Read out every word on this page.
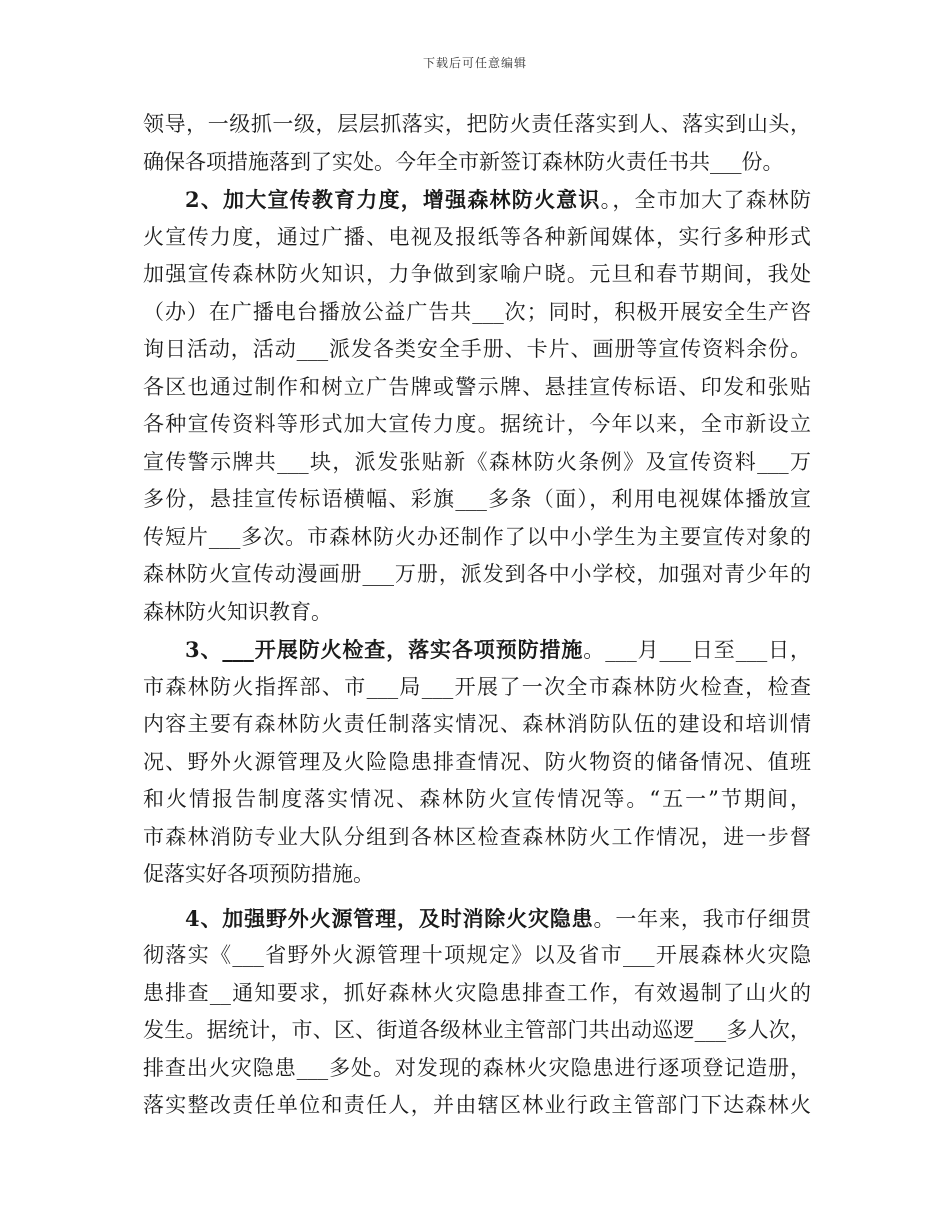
下载后可任意编辑
领导，一级抓一级，层层抓落实，把防火责任落实到人、落实到山头，
确保各项措施落到了实处。今年全市新签订森林防火责任书共___份。
2、加大宣传教育力度，增强森林防火意识。，全市加大了森林防
火宣传力度，通过广播、电视及报纸等各种新闻媒体，实行多种形式
加强宣传森林防火知识，力争做到家喻户晓。元旦和春节期间，我处
（办）在广播电台播放公益广告共___次；同时，积极开展安全生产咨
询日活动，活动___派发各类安全手册、卡片、画册等宣传资料余份。
各区也通过制作和树立广告牌或警示牌、悬挂宣传标语、印发和张贴
各种宣传资料等形式加大宣传力度。据统计，今年以来，全市新设立
宣传警示牌共___块，派发张贴新《森林防火条例》及宣传资料___万
多份，悬挂宣传标语横幅、彩旗___多条（面），利用电视媒体播放宣
传短片___多次。市森林防火办还制作了以中小学生为主要宣传对象的
森林防火宣传动漫画册___万册，派发到各中小学校，加强对青少年的
森林防火知识教育。
3、___开展防火检查，落实各项预防措施。___月___日至___日，
市森林防火指挥部、市___局___开展了一次全市森林防火检查，检查
内容主要有森林防火责任制落实情况、森林消防队伍的建设和培训情
况、野外火源管理及火险隐患排查情况、防火物资的储备情况、值班
和火情报告制度落实情况、森林防火宣传情况等。“五一”节期间，
市森林消防专业大队分组到各林区检查森林防火工作情况，进一步督
促落实好各项预防措施。
4、加强野外火源管理，及时消除火灾隐患。一年来，我市仔细贯
彻落实《___省野外火源管理十项规定》以及省市___开展森林火灾隐
患排查__通知要求，抓好森林火灾隐患排查工作，有效遏制了山火的
发生。据统计，市、区、街道各级林业主管部门共出动巡逻___多人次，
排查出火灾隐患___多处。对发现的森林火灾隐患进行逐项登记造册，
落实整改责任单位和责任人，并由辖区林业行政主管部门下达森林火
